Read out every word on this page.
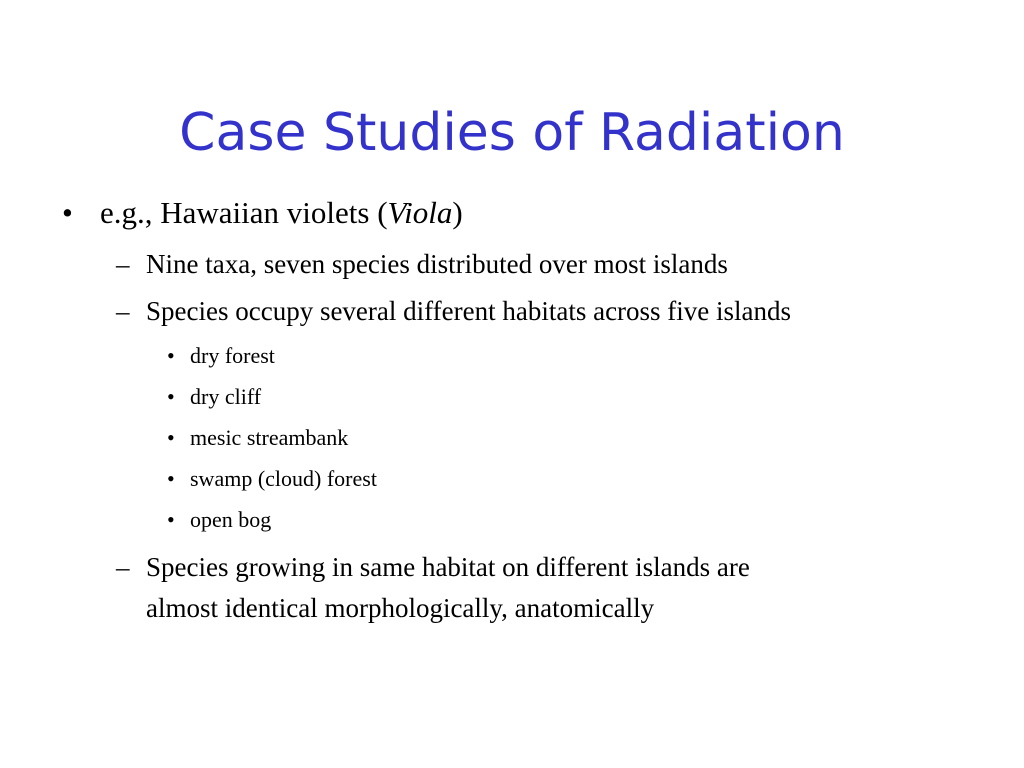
Case Studies of Radiation
• e.g., Hawaiian violets (Viola)
– Nine taxa, seven species distributed over most islands
– Species occupy several different habitats across five islands
• dry forest
• dry cliff
• mesic streambank
• swamp (cloud) forest
• open bog
– Species growing in same habitat on different islands are
almost identical morphologically, anatomically
